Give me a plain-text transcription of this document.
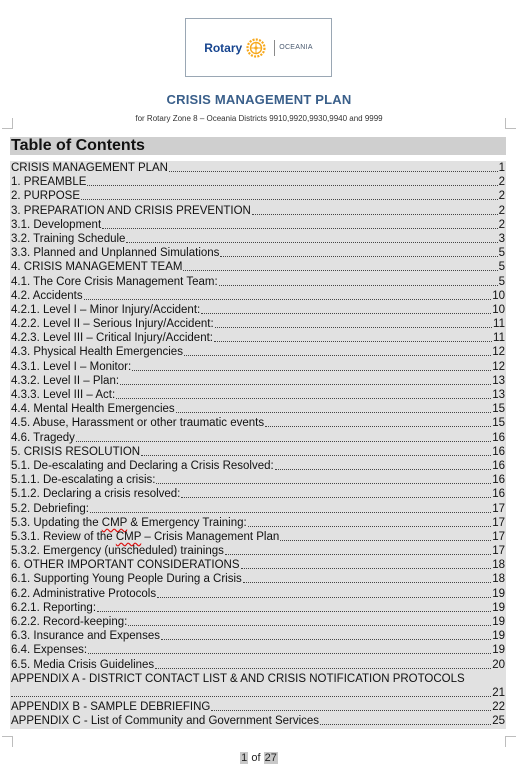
Rotary	OCEANIA
CRISIS MANAGEMENT PLAN
for Rotary Zone 8 – Oceania Districts 9910,9920,9930,9940 and 9999
Table of Contents
CRISIS MANAGEMENT PLAN	1
1. PREAMBLE	2
2. PURPOSE	2
3. PREPARATION AND CRISIS PREVENTION	2
3.1. Development	2
3.2. Training Schedule	3
3.3. Planned and Unplanned Simulations	5
4. CRISIS MANAGEMENT TEAM	5
4.1. The Core Crisis Management Team:	5
4.2. Accidents	10
4.2.1. Level I – Minor Injury/Accident:	10
4.2.2. Level II – Serious Injury/Accident:	11
4.2.3. Level III – Critical Injury/Accident:	11
4.3. Physical Health Emergencies	12
4.3.1. Level I – Monitor:	12
4.3.2. Level II – Plan:	13
4.3.3. Level III – Act:	13
4.4. Mental Health Emergencies	15
4.5. Abuse, Harassment or other traumatic events	15
4.6. Tragedy	16
5. CRISIS RESOLUTION	16
5.1. De-escalating and Declaring a Crisis Resolved:	16
5.1.1. De-escalating a crisis:	16
5.1.2. Declaring a crisis resolved:	16
5.2. Debriefing:	17
5.3. Updating the CMP & Emergency Training:	17
5.3.1. Review of the CMP – Crisis Management Plan	17
5.3.2. Emergency (unscheduled) trainings	17
6. OTHER IMPORTANT CONSIDERATIONS	18
6.1. Supporting Young People During a Crisis	18
6.2. Administrative Protocols	19
6.2.1. Reporting:	19
6.2.2. Record-keeping:	19
6.3. Insurance and Expenses	19
6.4. Expenses:	19
6.5. Media Crisis Guidelines	20
APPENDIX A - DISTRICT CONTACT LIST & AND CRISIS NOTIFICATION PROTOCOLS
21
APPENDIX B - SAMPLE DEBRIEFING	22
APPENDIX C - List of Community and Government Services	25
1 of 27
